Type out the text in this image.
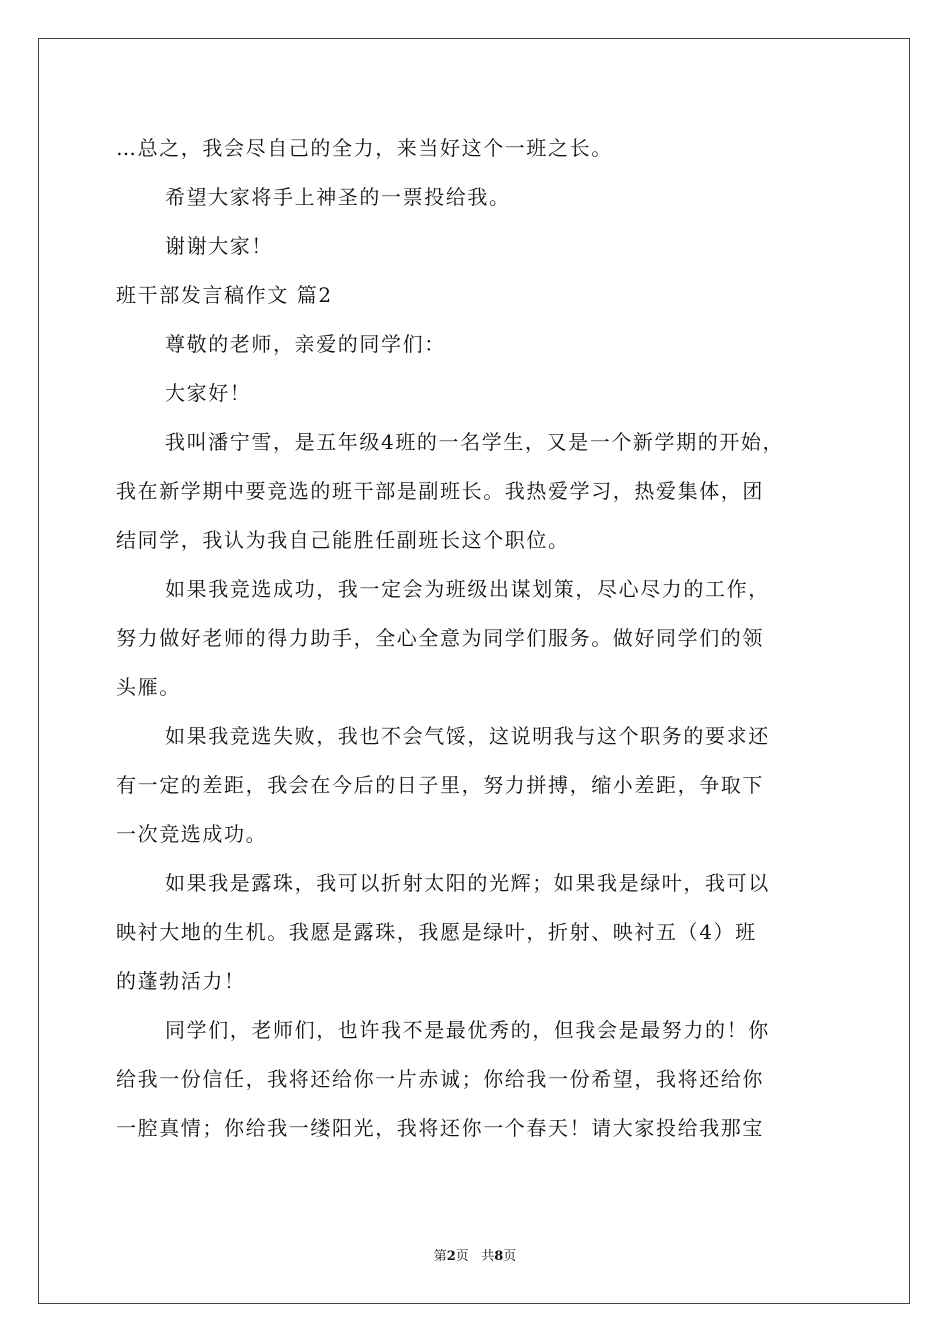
…总之，我会尽自己的全力，来当好这个一班之长。
希望大家将手上神圣的一票投给我。
谢谢大家！
班干部发言稿作文 篇2
尊敬的老师，亲爱的同学们：
大家好！
我叫潘宁雪，是五年级4班的一名学生，又是一个新学期的开始，
我在新学期中要竞选的班干部是副班长。我热爱学习，热爱集体，团
结同学，我认为我自己能胜任副班长这个职位。
如果我竞选成功，我一定会为班级出谋划策，尽心尽力的工作，
努力做好老师的得力助手，全心全意为同学们服务。做好同学们的领
头雁。
如果我竞选失败，我也不会气馁，这说明我与这个职务的要求还
有一定的差距，我会在今后的日子里，努力拼搏，缩小差距，争取下
一次竞选成功。
如果我是露珠，我可以折射太阳的光辉；如果我是绿叶，我可以
映衬大地的生机。我愿是露珠，我愿是绿叶，折射、映衬五（4）班
的蓬勃活力！
同学们，老师们，也许我不是最优秀的，但我会是最努力的！你
给我一份信任，我将还给你一片赤诚；你给我一份希望，我将还给你
一腔真情；你给我一缕阳光，我将还你一个春天！请大家投给我那宝
第2页 共8页
